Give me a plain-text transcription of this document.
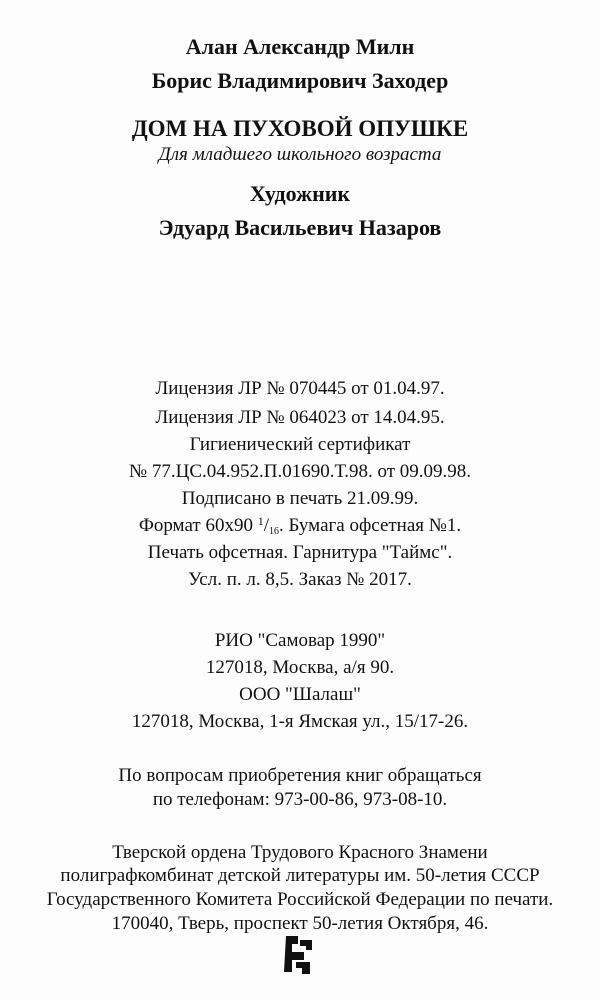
Алан Александр Милн
Борис Владимирович Заходер
ДОМ НА ПУХОВОЙ ОПУШКЕ
Для младшего школьного возраста
Художник
Эдуард Васильевич Назаров
Лицензия ЛР № 070445 от 01.04.97.
Лицензия ЛР № 064023 от 14.04.95.
Гигиенический сертификат
№ 77.ЦС.04.952.П.01690.Т.98. от 09.09.98.
Подписано в печать 21.09.99.
Формат 60x90 $^1/_{16}$. Бумага офсетная №1.
Печать офсетная. Гарнитура "Таймс".
Усл. п. л. 8,5. Заказ № 2017.
РИО "Самовар 1990"
127018, Москва, а/я 90.
ООО "Шалаш"
127018, Москва, 1-я Ямская ул., 15/17-26.
По вопросам приобретения книг обращаться
по телефонам: 973-00-86, 973-08-10.
Тверской ордена Трудового Красного Знамени
полиграфкомбинат детской литературы им. 50-летия СССР
Государственного Комитета Российской Федерации по печати.
170040, Тверь, проспект 50-летия Октября, 46.
